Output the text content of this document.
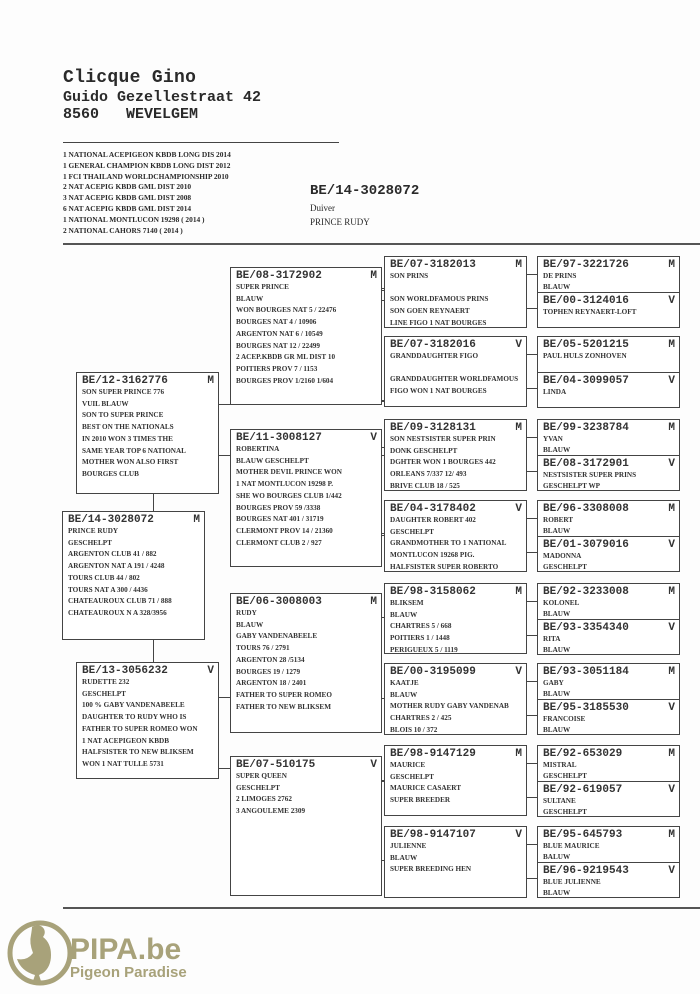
Clicque Gino
Guido Gezellestraat 42
8560   WEVELGEM
1 NATIONAL ACEPIGEON KBDB LONG DIS 2014
1 GENERAL CHAMPION KBDB LONG DIST 2012
1 FCI THAILAND WORLDCHAMPIONSHIP 2010
2 NAT ACEPIG KBDB GML DIST 2010
3 NAT ACEPIG KBDB GML DIST 2008
6 NAT ACEPIG KBDB GML DIST 2014
1 NATIONAL MONTLUCON 19298 ( 2014 )
2 NATIONAL CAHORS 7140 ( 2014 )
BE/14-3028072
Duiver
PRINCE RUDY
BE/12-3162776	M
SON SUPER PRINCE 776
VUIL BLAUW
SON TO SUPER PRINCE
BEST ON THE NATIONALS
IN 2010 WON 3 TIMES THE
SAME YEAR TOP 6 NATIONAL
MOTHER WON ALSO FIRST
BOURGES CLUB
BE/14-3028072	M
PRINCE RUDY
GESCHELPT
ARGENTON CLUB 41 / 882
ARGENTON NAT A 191 / 4248
TOURS CLUB 44 / 802
TOURS NAT A 300 / 4436
CHATEAUROUX CLUB 71 / 888
CHATEAUROUX N A 328/3956
BE/13-3056232	V
RUDETTE 232
GESCHELPT
100 % GABY VANDENABEELE
DAUGHTER TO RUDY WHO IS
FATHER TO SUPER ROMEO WON
1 NAT ACEPIGEON KBDB
HALFSISTER TO NEW BLIKSEM
WON 1 NAT TULLE 5731
BE/08-3172902	M
SUPER PRINCE
BLAUW
WON BOURGES NAT 5 / 22476
BOURGES NAT 4 / 10906
ARGENTON NAT 6 / 10549
BOURGES NAT 12 / 22499
2 ACEP.KBDB GR ML DIST 10
POITIERS PROV 7 / 1153
BOURGES PROV 1/2160 1/604
BE/11-3008127	V
ROBERTINA
BLAUW GESCHELPT
MOTHER DEVIL PRINCE WON
1 NAT MONTLUCON 19298 P.
SHE WO BOURGES CLUB 1/442
BOURGES PROV 59 /3338
BOURGES NAT 401 / 31719
CLERMONT PROV 14 / 21360
CLERMONT CLUB 2 / 927
BE/06-3008003	M
RUDY
BLAUW
GABY VANDENABEELE
TOURS 76 / 2791
ARGENTON 28 /5134
BOURGES 19 / 1279
ARGENTON 18 / 2401
FATHER TO SUPER ROMEO
FATHER TO NEW BLIKSEM
BE/07-510175	V
SUPER QUEEN
GESCHELPT
2 LIMOGES 2762
3 ANGOULEME 2309
BE/07-3182013	M
SON PRINS
SON WORLDFAMOUS PRINS
SON GOEN REYNAERT
LINE FIGO 1 NAT BOURGES
BE/07-3182016	V
GRANDDAUGHTER FIGO
GRANDDAUGHTER WORLDFAMOUS
FIGO WON 1 NAT BOURGES
BE/09-3128131	M
SON NESTSISTER SUPER PRIN
DONK GESCHELPT
DGHTER WON 1 BOURGES 442
ORLEANS 7/337 12/ 493
BRIVE CLUB 18 / 525
BE/04-3178402	V
DAUGHTER ROBERT 402
GESCHELPT
GRANDMOTHER TO 1 NATIONAL
MONTLUCON 19268 PIG.
HALFSISTER SUPER ROBERTO
BE/98-3158062	M
BLIKSEM
BLAUW
CHARTRES 5 / 668
POITIERS 1 / 1448
PERIGUEUX 5 / 1119
BE/00-3195099	V
KAATJE
BLAUW
MOTHER RUDY GABY VANDENAB
CHARTRES 2 / 425
BLOIS 10 / 372
BE/98-9147129	M
MAURICE
GESCHELPT
MAURICE CASAERT
SUPER BREEDER
BE/98-9147107	V
JULIENNE
BLAUW
SUPER BREEDING HEN
BE/97-3221726	M
DE PRINS
BLAUW
BE/00-3124016	V
TOPHEN REYNAERT-LOFT
BE/05-5201215	M
PAUL HULS ZONHOVEN
BE/04-3099057	V
LINDA
BE/99-3238784	M
YVAN
BLAUW
BE/08-3172901	V
NESTSISTER SUPER PRINS
GESCHELPT WP
BE/96-3308008	M
ROBERT
BLAUW
BE/01-3079016	V
MADONNA
GESCHELPT
BE/92-3233008	M
KOLONEL
BLAUW
BE/93-3354340	V
RITA
BLAUW
BE/93-3051184	M
GABY
BLAUW
BE/95-3185530	V
FRANCOISE
BLAUW
BE/92-653029	M
MISTRAL
GESCHELPT
BE/92-619057	V
SULTANE
GESCHELPT
BE/95-645793	M
BLUE MAURICE
BALUW
BE/96-9219543	V
BLUE JULIENNE
BLAUW
PIPA.be
Pigeon Paradise
